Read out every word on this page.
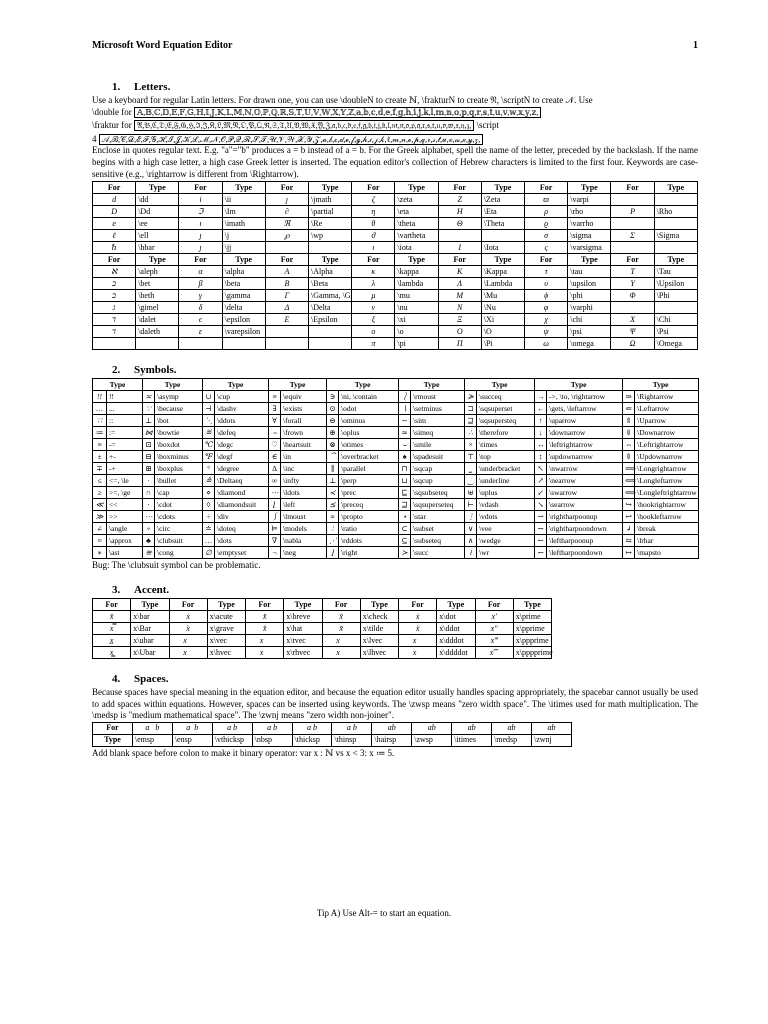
Microsoft Word Equation Editor	1
1. Letters.

Use a keyboard for regular Latin letters. For drawn one, you can use \doubleN to create ℕ, \frakturN to create 𝔑, \scriptN to create 𝒩. Use

\double for 𝔸,𝔹,ℂ,𝔻,𝔼,𝔽,𝔾,ℍ,𝕀,𝕁,𝕂,𝕃,𝕄,ℕ,𝕆,ℙ,ℚ,ℝ,𝕊,𝕋,𝕌,𝕍,𝕎,𝕏,𝕐,ℤ,𝕒,𝕓,𝕔,𝕕,𝕖,𝕗,𝕘,𝕙,𝕚,𝕛,𝕜,𝕝,𝕞,𝕟,𝕠,𝕡,𝕢,𝕣,𝕤,𝕥,𝕦,𝕧,𝕨,𝕩,𝕪,𝕫,

\fraktur for 𝔄,𝔅,ℭ,𝔇,𝔈,𝔉,𝔊,ℌ,ℑ,𝔍,𝔎,𝔏,𝔐,𝔑,𝔒,𝔓,𝔔,ℜ,𝔖,𝔗,𝔘,𝔙,𝔚,𝔛,𝔜,ℨ,𝔞,𝔟,𝔠,𝔡,𝔢,𝔣,𝔤,𝔥,𝔦,𝔧,𝔨,𝔩,𝔪,𝔫,𝔬,𝔭,𝔮,𝔯,𝔰,𝔱,𝔲,𝔳,𝔴,𝔵,𝔶,𝔷, \script

4 𝒜,ℬ,𝒞,𝒟,ℰ,ℱ,𝒢,ℋ,ℐ,𝒥,𝒦,ℒ,ℳ,𝒩,𝒪,𝒫,𝒬,ℛ,𝒮,𝒯,𝒰,𝒱,𝒲,𝒳,𝒴,𝒵,𝒶,𝒷,𝒸,𝒹,ℯ,𝒻,ℊ,𝒽,𝒾,𝒿,𝓀,ℓ,𝓂,𝓃,ℴ,𝓅,𝓆,𝓇,𝓈,𝓉,𝓊,𝓋,𝓌,𝓍,𝓎,𝓏,

Enclose in quotes regular text. E.g. "a"="b" produces a = b instead of a = b. For the Greek alphabet, spell the name of the letter, preceded by the backslash. If the name begins with a high case letter, a high case Greek letter is inserted. The equation editor's collection of Hebrew characters is limited to the first four. Keywords are case-sensitive (e.g., \rightarrow is different from \Rightarrow).

For	Type	For	Type	For	Type	For	Type	For	Type	For	Type	For	Type
d	\dd	i	\ii	ȷ	\jmath	ζ	\zeta	Z	\Zeta	ϖ	\varpi		
D	\Dd	ℑ	\Im	∂	\partial	η	\eta	H	\Eta	ρ	\rho	P	\Rho
e	\ee	ı	\imath	ℜ	\Re	θ	\theta	Θ	\Theta	ϱ	\varrho		
ℓ	\ell	ȷ	\j	℘	\wp	ϑ	\vartheta			σ	\sigma	Σ	\Sigma
ℏ	\hbar	ȷ	\jj			ι	\iota	I	\Iota	ς	\varsigma		
For	Type	For	Type	For	Type	For	Type	For	Type	For	Type	For	Type
ℵ	\aleph	α	\alpha	A	\Alpha	κ	\kappa	K	\Kappa	τ	\tau	T	\Tau
ב	\bet	β	\beta	B	\Beta	λ	\lambda	Λ	\Lambda	υ	\upsilon	Υ	\Upsilon
ב	\beth	γ	\gamma	Γ	\Gamma, \G	μ	\mu	M	\Mu	ϕ	\phi	Φ	\Phi
ג	\gimel	δ	\delta	Δ	\Delta	ν	\nu	N	\Nu	φ	\varphi		
ד	\dalet	ϵ	\epsilon	E	\Epsilon	ξ	\xi	Ξ	\Xi	χ	\chi	X	\Chi
ד	\daleth	ε	\varepsilon			ο	\o	O	\O	ψ	\psi	Ψ	\Psi
						π	\pi	Π	\Pi	ω	\omega	Ω	\Omega
2. Symbols.
Type		Type		Type		Type		Type		Type		Type		Type		Type	
!!	!!	≍	\asymp	∪	\cup	≡	\equiv	∋	\ni, \contain	⎱	\rmoust	≽	\succeq	→	->, \to, \rightarrow	⇒	\Rightarrow
…	...	∵	\because	⊣	\dashv	∃	\exists	⊙	\odot	∖	\setminus	⊐	\sqsuperset	←	\gets, \leftarrow	⇐	\Leftarrow
∷	::	⊥	\bot	⋱	\ddots	∀	\forall	⊖	\ominus	∼	\sim	⊒	\sqsupersteq	↑	\uparrow	⇑	\Uparrow
≔	:=	⋈	\bowtie	≝	\defeq	⌢	\frown	⊕	\oplus	≃	\simeq	∴	\therefore	↓	\downarrow	⇓	\Downarrow
≡	-=	⊡	\boxdot	℃	\degc	♡	\heartsuit	⊗	\otimes	⌣	\smile	×	\times	↔	\leftrightarrow	⇔	\Leftrightarrow
±	+-	⊟	\boxminus	℉	\degf	∈	\in	⏞	\overbracket	♠	\spadesuit	⊤	\top	↕	\updownarrow	⇕	\Updownarrow
∓	-+	⊞	\boxplus	°	\degree	∆	\inc	∥	\parallel	⊓	\sqcap	⎵	\underbracket	↖	\nwarrow	⟹	\Longrightarrow
≤	<=, \le	∙	\bullet	≜	\Deltaeq	∞	\infty	⊥	\perp	⊔	\sqcup	‿	\underline	↗	\nearrow	⟸	\Longleftarrow
≥	>=, \ge	∩	\cap	⋄	\diamond	⋯	\ldots	≺	\prec	⊑	\sqsubseteq	⊎	\uplus	↙	\swarrow	⟺	\Longleftrightarrow
≪	<<	⋅	\cdot	◊	\diamondsuit	⌊	\left	⪯	\preceq	⊒	\sqsuperseteq	⊢	\vdash	↘	\searrow	↪	\hookrightarrow
≫	>>	⋯	\cdots	÷	\div	⎰	\lmoust	∝	\propto	⋆	\star	⋮	\vdots	⇀	\rightharpoonup	↩	\hookleftarrow
∠	\angle	∘	\circ	≐	\doteq	⊨	\models	∶	\ratio	⊂	\subset	∨	\vee	⇁	\rightharpoondown	↲	\break
≈	\approx	♣	\clubsuit	…	\dots	∇	\nabla	⋰	\rddots	⊆	\subseteq	∧	\wedge	↼	\leftharpoonup	⇋	\lrhar
∗	\ast	≅	\cong	∅	\emptyset	¬	\neg	⌋	\right	≻	\succ	≀	\wr	↽	\leftharpoondown	↦	\mapsto
Bug: The \clubsuit symbol can be problematic.
3. Accent.
For	Type	For	Type	For	Type	For	Type	For	Type	For	Type
x̄	x\bar	ẋ	x\acute	x̆	x\breve	x̌	x\check	ẋ	x\dot	x′	x\prime
x̿	x\Bar	x̀	x\grave	x̂	x\hat	x̃	x\tilde	ẍ	x\ddot	x″	x\pprime
x̲	x\ubar	x⃗	x\vec	x⃛	x\tvec	x⃖	x\lvec	x⃛	x\dddot	x‴	x\ppprime
x̳	x\Ubar	x⃡	x\hvec	x⃗	x\rhvec	x⃡	x\lhvec	x⃜	x\ddddot	x⁗	x\pppprime
4. Spaces.

Because spaces have special meaning in the equation editor, and because the equation editor usually handles spacing appropriately, the spacebar cannot usually be used to add spaces within equations. However, spaces can be inserted using keywords. The \zwsp means "zero width space". The \itimes used for math multiplication. The \medsp is "medium mathematical space". The \zwnj means "zero width non-joiner".

For	a   b	a  b	a b	a b	a b	a b	ab	ab	ab	ab	ab
Type	\emsp	\ensp	\vthicksp	\nbsp	\thicksp	\thinsp	\hairsp	\zwsp	\itimes	\medsp	\zwnj
Add blank space before colon to make it binary operator: var x : ℕ vs x < 3: x ≔ 5.
Tip A) Use Alt-= to start an equation.
